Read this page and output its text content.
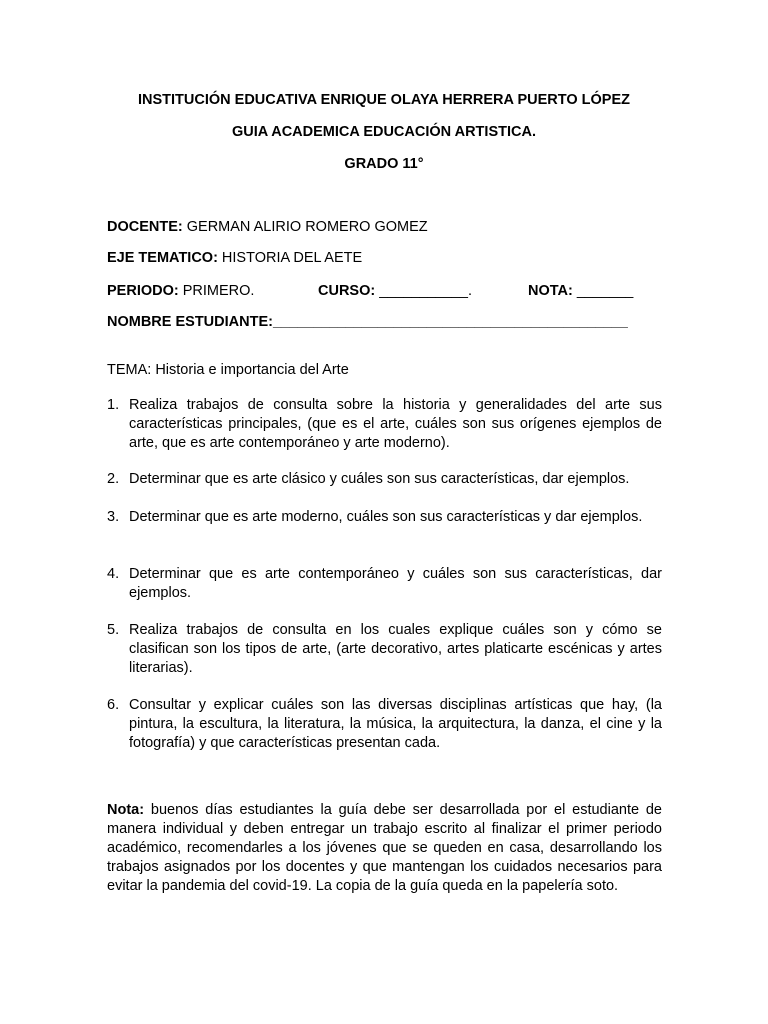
INSTITUCIÓN EDUCATIVA ENRIQUE OLAYA HERRERA PUERTO LÓPEZ
GUIA ACADEMICA EDUCACIÓN ARTISTICA.
GRADO 11°
DOCENTE: GERMAN ALIRIO ROMERO GOMEZ
EJE TEMATICO: HISTORIA DEL AETE
PERIODO: PRIMERO.	CURSO: ___________.	NOTA: _______
NOMBRE ESTUDIANTE:____________________________________________
TEMA: Historia e importancia del Arte
1. Realiza trabajos de consulta sobre la historia y generalidades del arte sus características principales, (que es el arte, cuáles son sus orígenes ejemplos de arte, que es arte contemporáneo y arte moderno).
2. Determinar que es arte clásico y cuáles son sus características, dar ejemplos.
3. Determinar que es arte moderno, cuáles son sus características y dar ejemplos.
4. Determinar que es arte contemporáneo y cuáles son sus características, dar ejemplos.
5. Realiza trabajos de consulta en los cuales explique cuáles son y cómo se clasifican son los tipos de arte, (arte decorativo, artes platicarte escénicas y artes literarias).
6. Consultar y explicar cuáles son las diversas disciplinas artísticas que hay, (la pintura, la escultura, la literatura, la música, la arquitectura, la danza, el cine y la fotografía) y que características presentan cada.
Nota: buenos días estudiantes la guía debe ser desarrollada por el estudiante de manera individual y deben entregar un trabajo escrito al finalizar el primer periodo académico, recomendarles a los jóvenes que se queden en casa, desarrollando los trabajos asignados por los docentes y que mantengan los cuidados necesarios para evitar la pandemia del covid-19. La copia de la guía queda en la papelería soto.
